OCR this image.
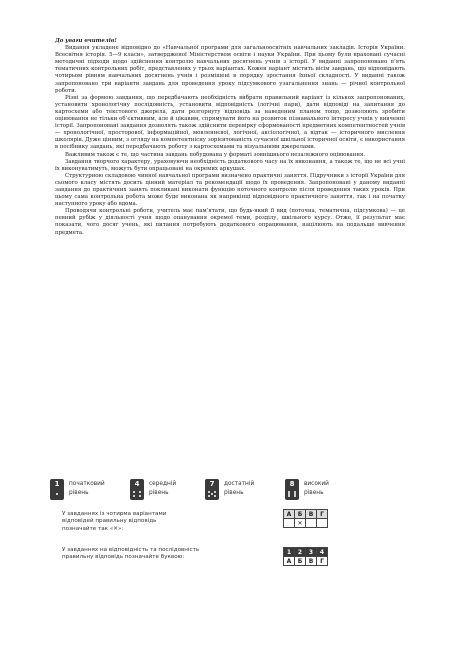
До уваги вчителів!

Видання укладене відповідно до «Навчальної програми для загальноосвітніх навчальних закладів. Історія України. Всесвітня історія. 5—9 класи», затвердженої Міністерством освіти і науки України. При цьому були враховані сучасні методичні підходи щодо здійснення контролю навчальних досягнень учнів з історії. У виданні запропоновано п’ять тематичних контрольних робіт, представлених у трьох варіантах. Кожен варіант містить вісім завдань, що відповідають чотирьом рівням навчальних досягнень учнів і розміщені в порядку зростання їхньої складності. У виданні також запропоновано три варіанти завдань для проведення уроку підсумкового узагальнення знань — річної контрольної роботи.

Різні за формою завдання, що передбачають необхідність вибрати правильний варіант із кількох запропонованих, установити хронологічну послідовність, установити відповідність (логічні пари), дати відповіді на запитання до картосхеми або текстового джерела, дати розгорнуту відповідь за наведеним планом тощо, дозволяють зробити оцінювання не тільки об’єктивним, але й цікавим, спрямувати його на розвиток пізнавального інтересу учнів у вивченні історії. Запропоновані завдання дозволять також здійснити перевірку сформованості предметних компетентностей учнів — хронологічної, просторової, інформаційної, мовленнєвої, логічної, аксіологічної, а відтак — історичного мислення школярів. Дуже цінним, з огляду на компетентнісну зорієнтованість сучасної шкільної історичної освіти, є використання в посібнику завдань, які передбачають роботу з картосхемами та візуальними джерелами.

Важливим також є те, що частина завдань побудована у форматі зовнішнього незалежного оцінювання.

Завдання творчого характеру, ураховуючи необхідність додаткового часу на їх виконання, а також те, що не всі учні їх виконуватимуть, можуть бути опрацьовані на окремих аркушах.

Структурною складовою чинної навчальної програми визначено практичні заняття. Підручники з історії України для сьомого класу містять досить цінний матеріал та рекомендації щодо їх проведення. Запропоновані у даному виданні завдання до практичних занять покликані виконати функцію поточного контролю після проведення таких уроків. При цьому сама контрольна робота може буде виконана як наприкінці відповідного практичного заняття, так і на початку наступного уроку або вдома.

Проводячи контрольні роботи, учитель має пам’ятати, що будь-який її вид (поточна, тематична, підсумкова) — це певний рубіж у діяльності учня щодо опанування окремої теми, розділу, шкільного курсу. Отже, її результат має показати, чого досяг учень, які питання потребують додаткового опрацювання, націлюють на подальше вивчення предмета.

1	початковий
рівень
4	середній
рівень
7	достатній
рівень
8	високий
рівень
У завданнях із чотирма варіантами
відповідей правильну відповідь
позначайте так «✕»:
	А	Б	В	Г
		✕		
У завданнях на відповідність та послідовність
правильну відповідь позначайте буквою:
	1	2	3	4
	А	Б	В	Г
